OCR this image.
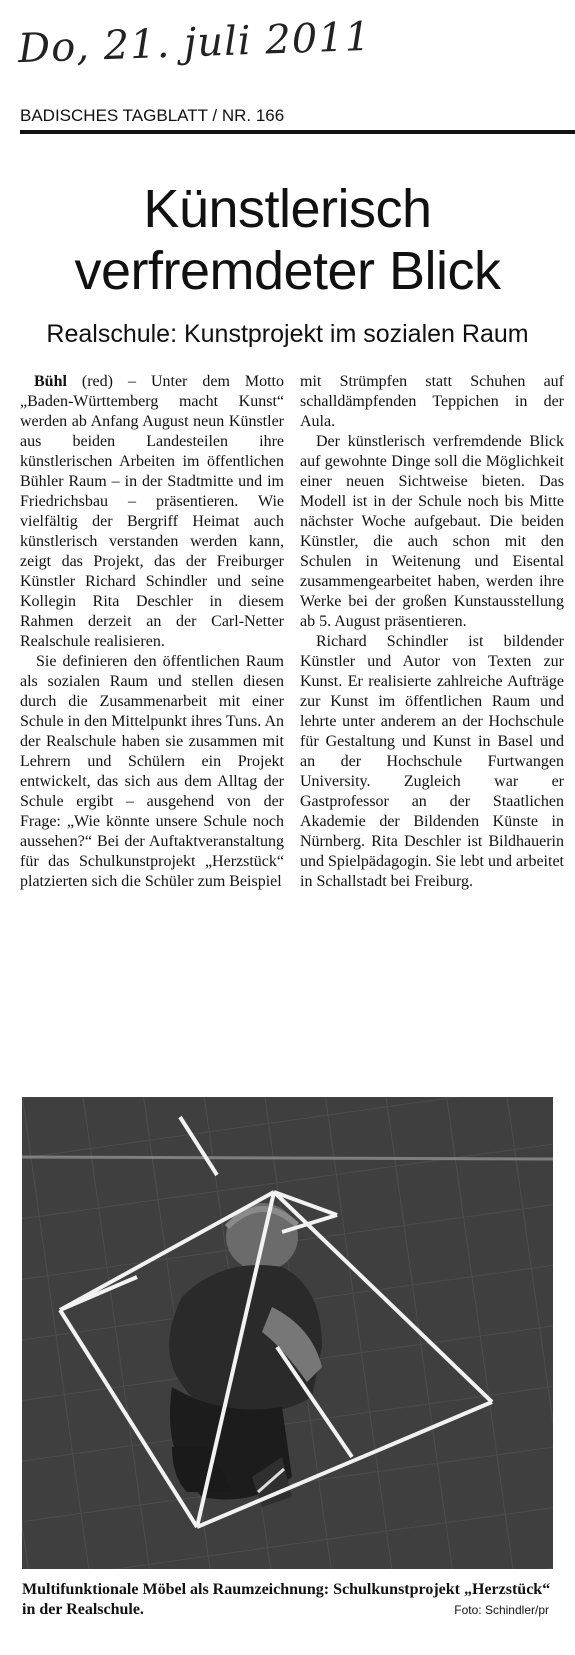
Do, 21. juli 2011
BADISCHES TAGBLATT / NR. 166
Künstlerisch
verfremdeter Blick
Realschule: Kunstprojekt im sozialen Raum

Bühl (red) – Unter dem Motto „Baden-Württemberg macht Kunst“ werden ab Anfang August neun Künstler aus beiden Landesteilen ihre künstlerischen Arbeiten im öffentlichen Bühler Raum – in der Stadtmitte und im Friedrichsbau – präsentieren. Wie vielfältig der Bergriff Heimat auch künstlerisch verstanden werden kann, zeigt das Projekt, das der Freiburger Künstler Richard Schindler und seine Kollegin Rita Deschler in diesem Rahmen derzeit an der Carl-Netter Realschule realisieren.

Sie definieren den öffentlichen Raum als sozialen Raum und stellen diesen durch die Zusammenarbeit mit einer Schule in den Mittelpunkt ihres Tuns. An der Realschule haben sie zusammen mit Lehrern und Schülern ein Projekt entwickelt, das sich aus dem Alltag der Schule ergibt – ausgehend von der Frage: „Wie könnte unsere Schule noch aussehen?“ Bei der Auftaktveranstaltung für das Schulkunstprojekt „Herzstück“ platzierten sich die Schüler zum Beispiel

mit Strümpfen statt Schuhen auf schalldämpfenden Teppichen in der Aula.

Der künstlerisch verfremdende Blick auf gewohnte Dinge soll die Möglichkeit einer neuen Sichtweise bieten. Das Modell ist in der Schule noch bis Mitte nächster Woche aufgebaut. Die beiden Künstler, die auch schon mit den Schulen in Weitenung und Eisental zusammengearbeitet haben, werden ihre Werke bei der großen Kunstausstellung ab 5. August präsentieren.

Richard Schindler ist bildender Künstler und Autor von Texten zur Kunst. Er realisierte zahlreiche Aufträge zur Kunst im öffentlichen Raum und lehrte unter anderem an der Hochschule für Gestaltung und Kunst in Basel und an der Hochschule Furtwangen University. Zugleich war er Gastprofessor an der Staatlichen Akademie der Bildenden Künste in Nürnberg. Rita Deschler ist Bildhauerin und Spielpädagogin. Sie lebt und arbeitet in Schallstadt bei Freiburg.

Multifunktionale Möbel als Raumzeichnung: Schulkunstprojekt „Herzstück“ in der Realschule.	Foto: Schindler/pr
